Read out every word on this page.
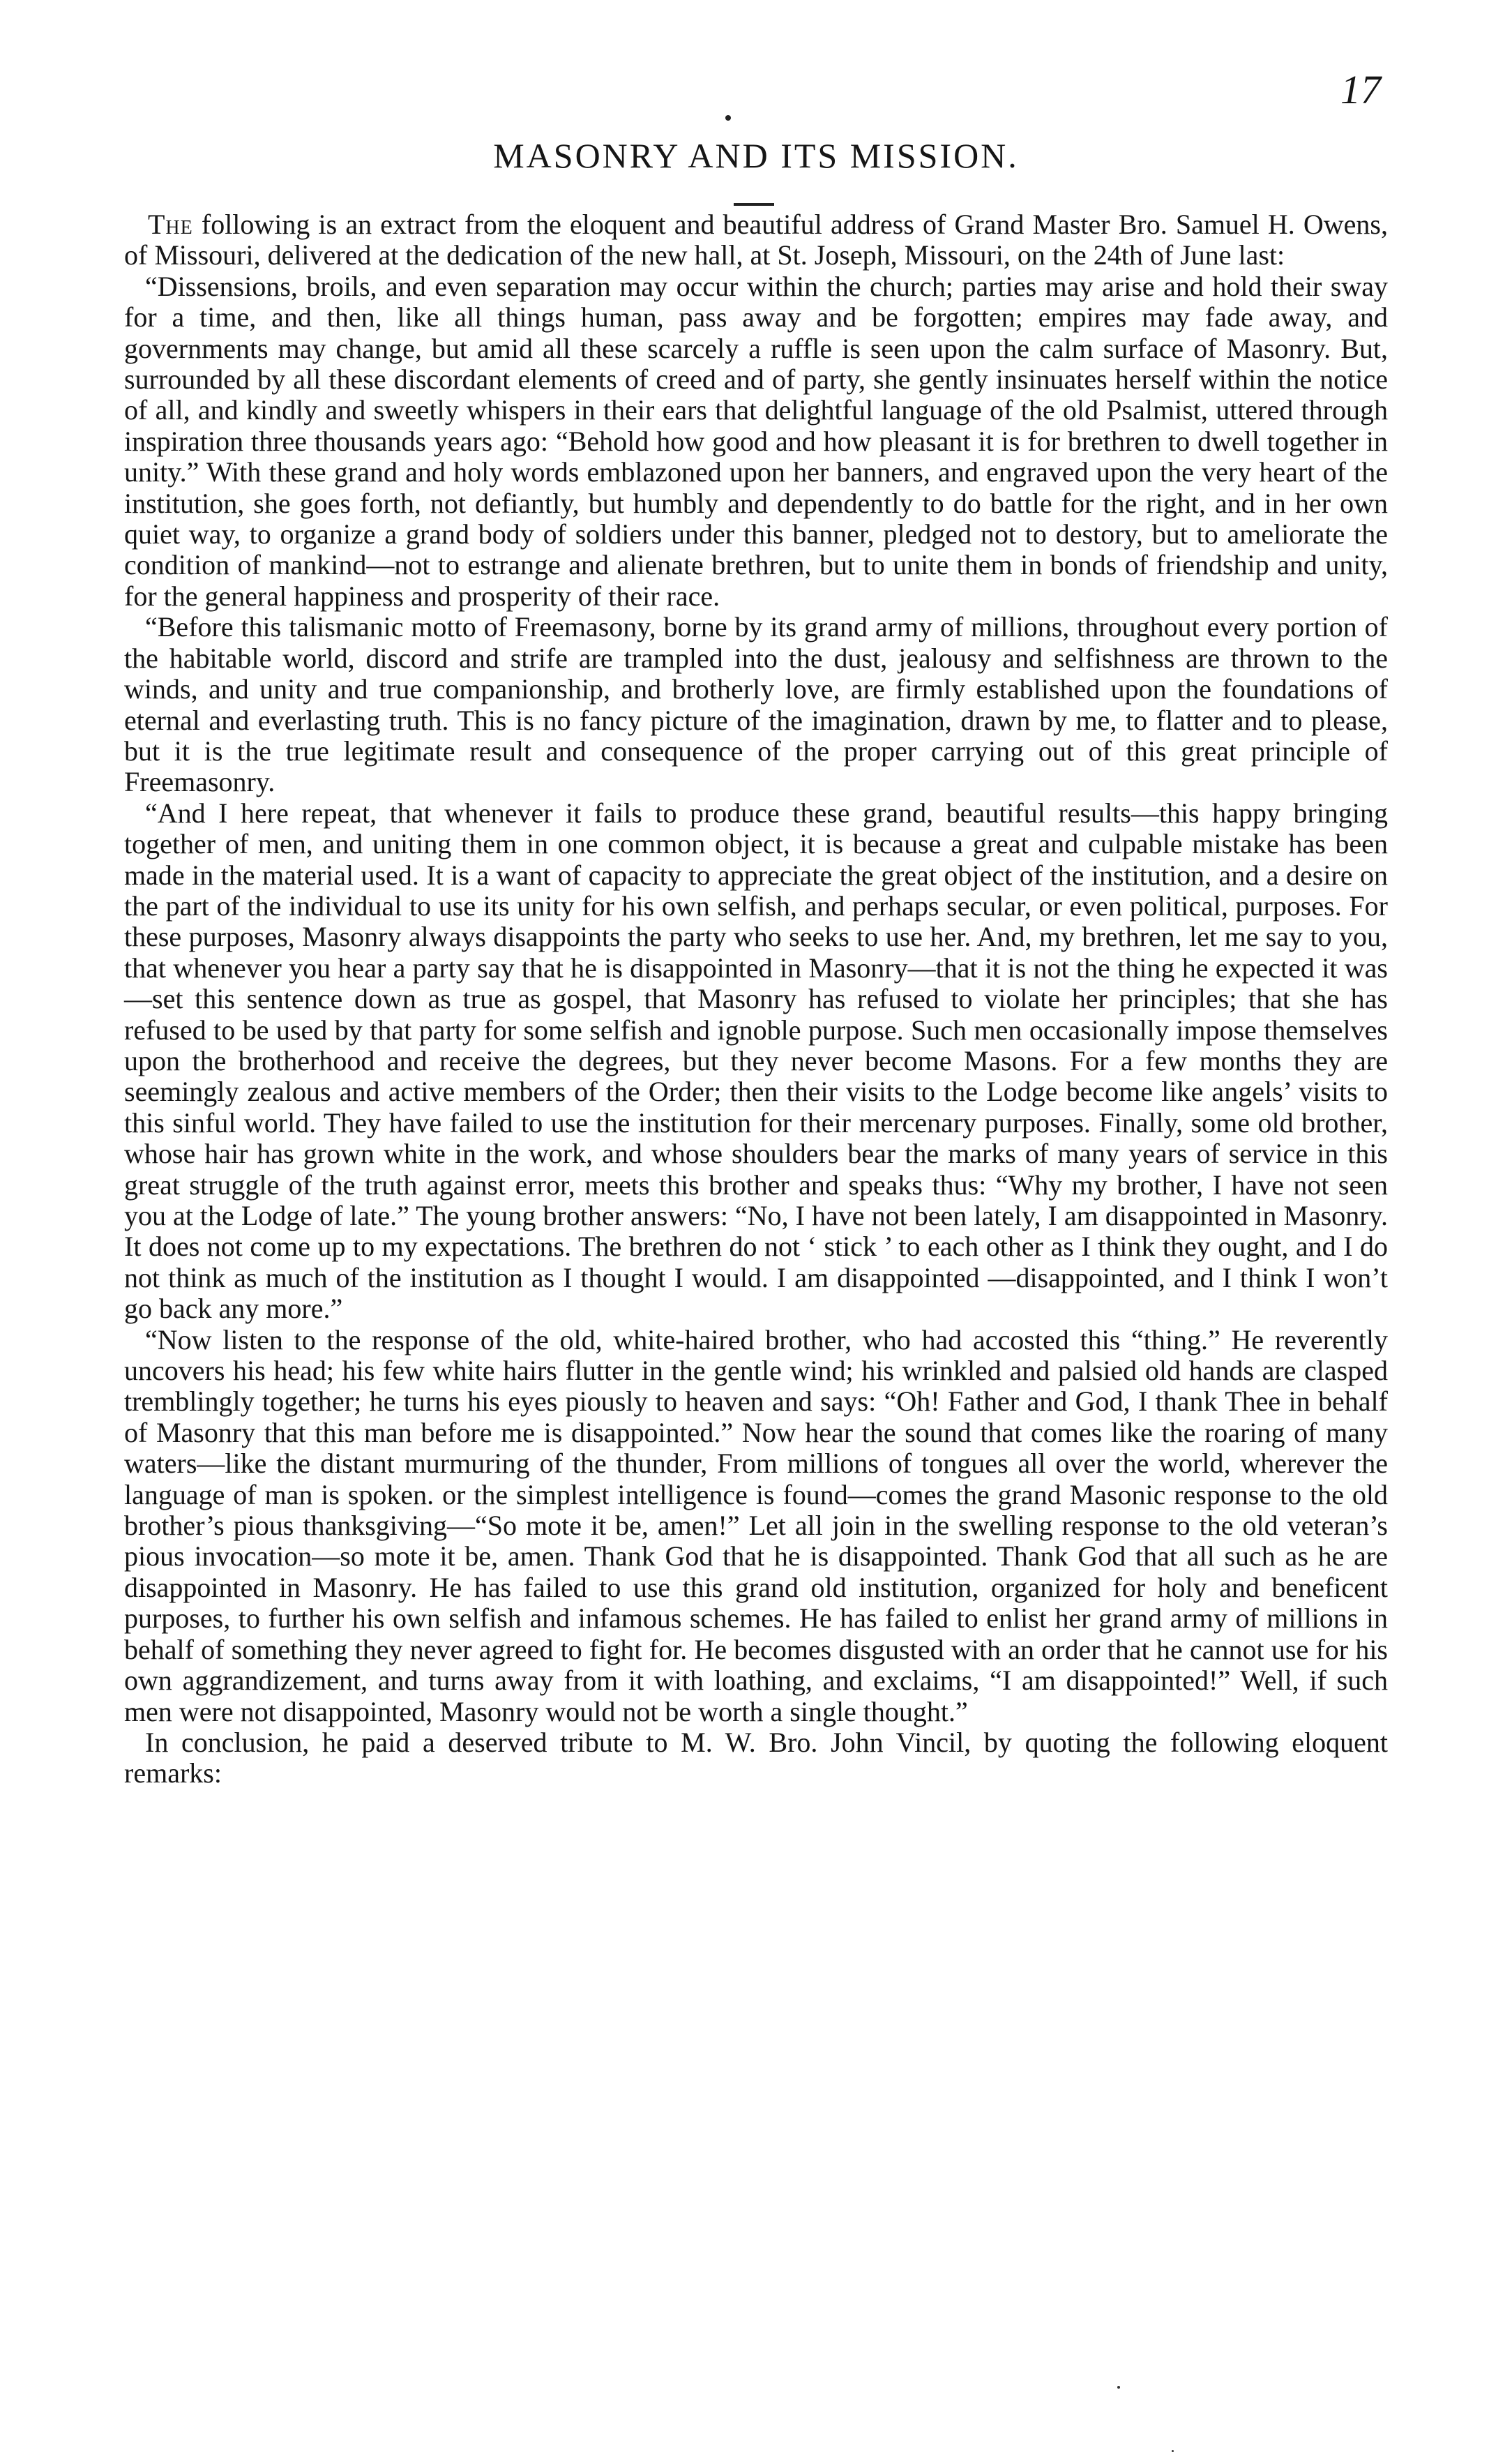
17
MASONRY AND ITS MISSION.

The following is an extract from the eloquent and beautiful address of Grand Master Bro. Samuel H. Owens, of Missouri, delivered at the dedication of the new hall, at St. Joseph, Missouri, on the 24th of June last:

“Dissensions, broils, and even separation may occur within the church; parties may arise and hold their sway for a time, and then, like all things human, pass away and be forgotten; empires may fade away, and governments may change, but amid all these scarcely a ruffle is seen upon the calm surface of Masonry. But, surrounded by all these discordant elements of creed and of party, she gently insinuates herself within the notice of all, and kindly and sweetly whispers in their ears that delightful language of the old Psalmist, uttered through inspiration three thousands years ago: “Behold how good and how pleasant it is for brethren to dwell together in unity.” With these grand and holy words emblazoned upon her banners, and engraved upon the very heart of the institution, she goes forth, not defiantly, but humbly and dependently to do battle for the right, and in her own quiet way, to organize a grand body of soldiers under this banner, pledged not to destory, but to ameliorate the condition of mankind—not to estrange and alienate brethren, but to unite them in bonds of friendship and unity, for the general happiness and prosperity of their race.

“Before this talismanic motto of Freemasony, borne by its grand army of millions, throughout every portion of the habitable world, discord and strife are trampled into the dust, jealousy and selfishness are thrown to the winds, and unity and true companionship, and brotherly love, are firmly established upon the foundations of eternal and everlasting truth. This is no fancy picture of the imagination, drawn by me, to flatter and to please, but it is the true legitimate result and consequence of the proper carrying out of this great principle of Freemasonry.

“And I here repeat, that whenever it fails to produce these grand, beautiful results—this happy bringing together of men, and uniting them in one common object, it is because a great and culpable mistake has been made in the material used. It is a want of capacity to appreciate the great object of the institution, and a desire on the part of the individual to use its unity for his own selfish, and perhaps secular, or even political, purposes. For these purposes, Masonry always disappoints the party who seeks to use her. And, my brethren, let me say to you, that whenever you hear a party say that he is disappointed in Masonry—that it is not the thing he expected it was—set this sentence down as true as gospel, that Masonry has refused to violate her principles; that she has refused to be used by that party for some selfish and ignoble purpose. Such men occasionally impose themselves upon the brotherhood and receive the degrees, but they never become Masons. For a few months they are seemingly zealous and active members of the Order; then their visits to the Lodge become like angels’ visits to this sinful world. They have failed to use the institution for their mercenary purposes. Finally, some old brother, whose hair has grown white in the work, and whose shoulders bear the marks of many years of service in this great struggle of the truth against error, meets this brother and speaks thus: “Why my brother, I have not seen you at the Lodge of late.” The young brother answers: “No, I have not been lately, I am disappointed in Masonry. It does not come up to my expectations. The brethren do not ‘ stick ’ to each other as I think they ought, and I do not think as much of the institution as I thought I would. I am disappointed —disappointed, and I think I won’t go back any more.”

“Now listen to the response of the old, white-haired brother, who had accosted this “thing.” He reverently uncovers his head; his few white hairs flutter in the gentle wind; his wrinkled and palsied old hands are clasped tremblingly together; he turns his eyes piously to heaven and says: “Oh! Father and God, I thank Thee in behalf of Masonry that this man before me is disappointed.” Now hear the sound that comes like the roaring of many waters—like the distant murmuring of the thunder, From millions of tongues all over the world, wherever the language of man is spoken. or the simplest intelligence is found—comes the grand Masonic response to the old brother’s pious thanksgiving—“So mote it be, amen!” Let all join in the swelling response to the old veteran’s pious invocation—so mote it be, amen. Thank God that he is disappointed. Thank God that all such as he are disappointed in Masonry. He has failed to use this grand old institution, organized for holy and beneficent purposes, to further his own selfish and infamous schemes. He has failed to enlist her grand army of millions in behalf of something they never agreed to fight for. He becomes disgusted with an order that he cannot use for his own aggrandizement, and turns away from it with loathing, and exclaims, “I am disappointed!” Well, if such men were not disappointed, Masonry would not be worth a single thought.”

In conclusion, he paid a deserved tribute to M. W. Bro. John Vincil, by quoting the following eloquent remarks:
